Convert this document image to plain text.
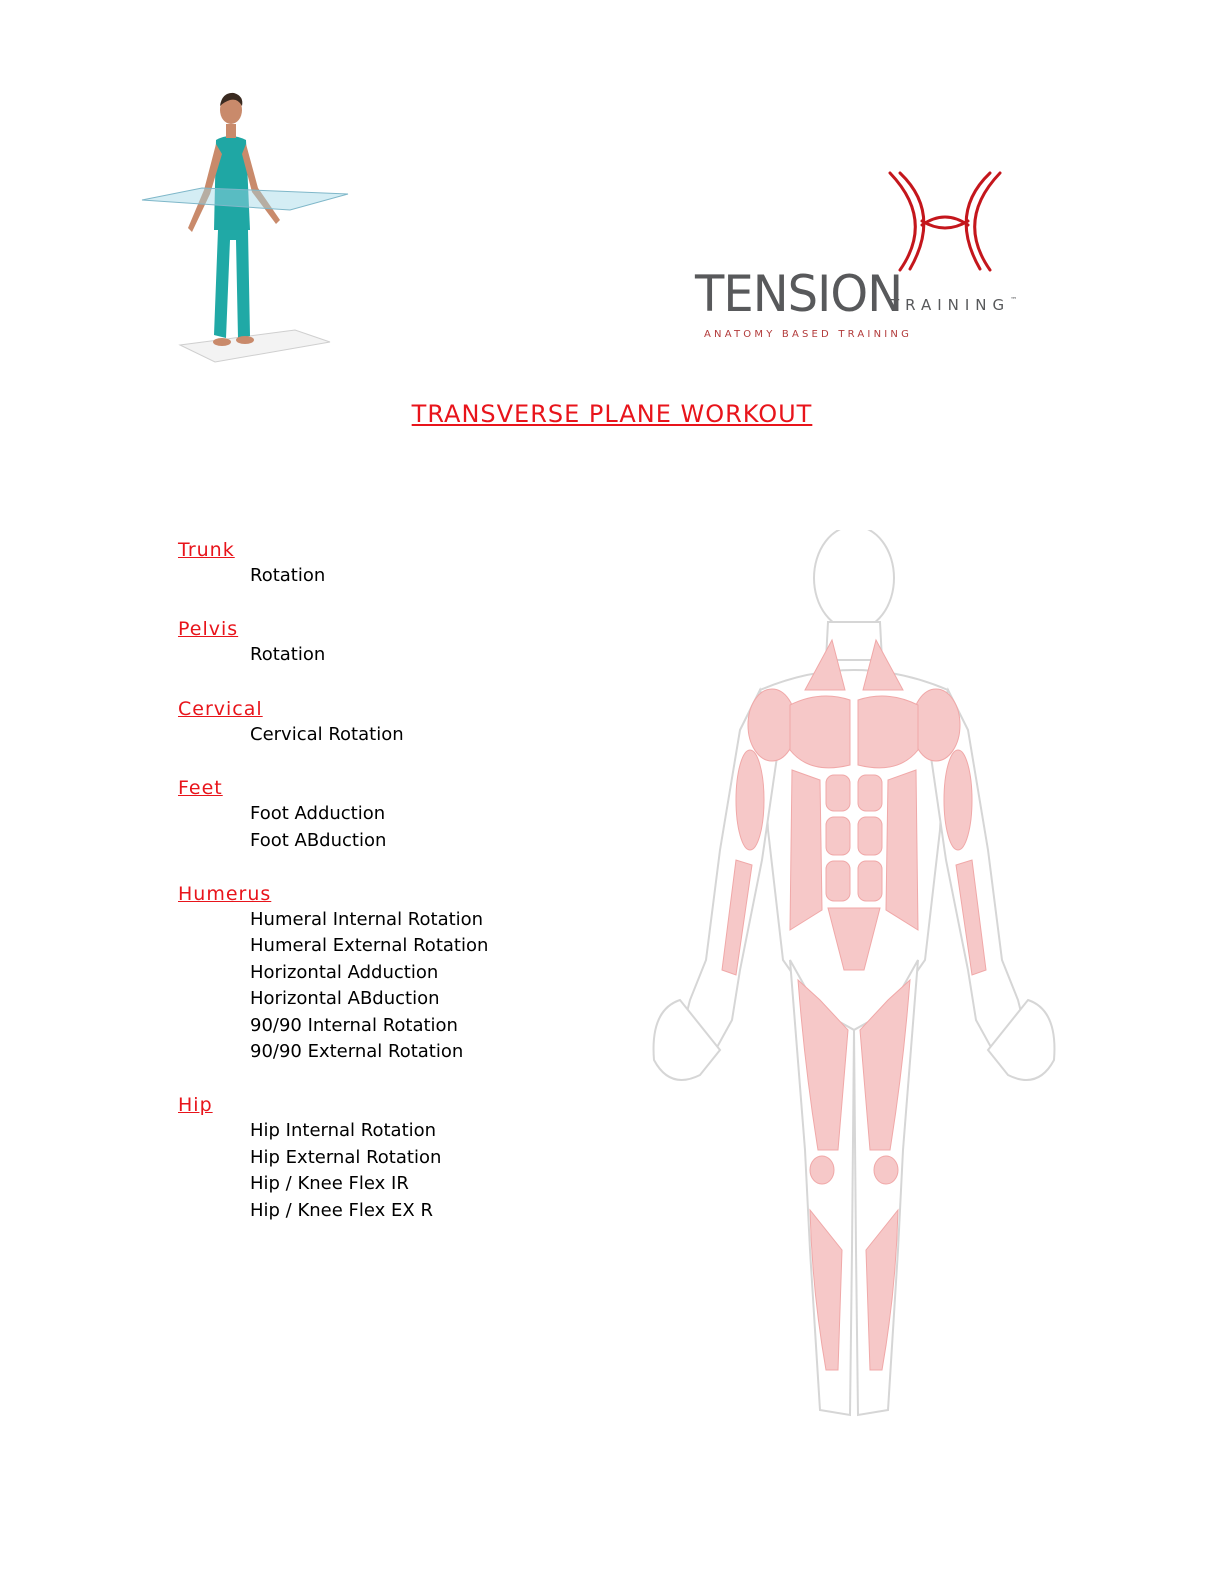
TENSION
TRAINING™
ANATOMY BASED TRAINING
TRANSVERSE PLANE WORKOUT
Trunk
Rotation
Pelvis
Rotation
Cervical
Cervical Rotation
Feet
Foot Adduction
Foot ABduction
Humerus
Humeral Internal Rotation
Humeral External Rotation
Horizontal Adduction
Horizontal ABduction
90/90 Internal Rotation
90/90 External Rotation
Hip
Hip Internal Rotation
Hip External Rotation
Hip / Knee Flex IR
Hip / Knee Flex EX R
